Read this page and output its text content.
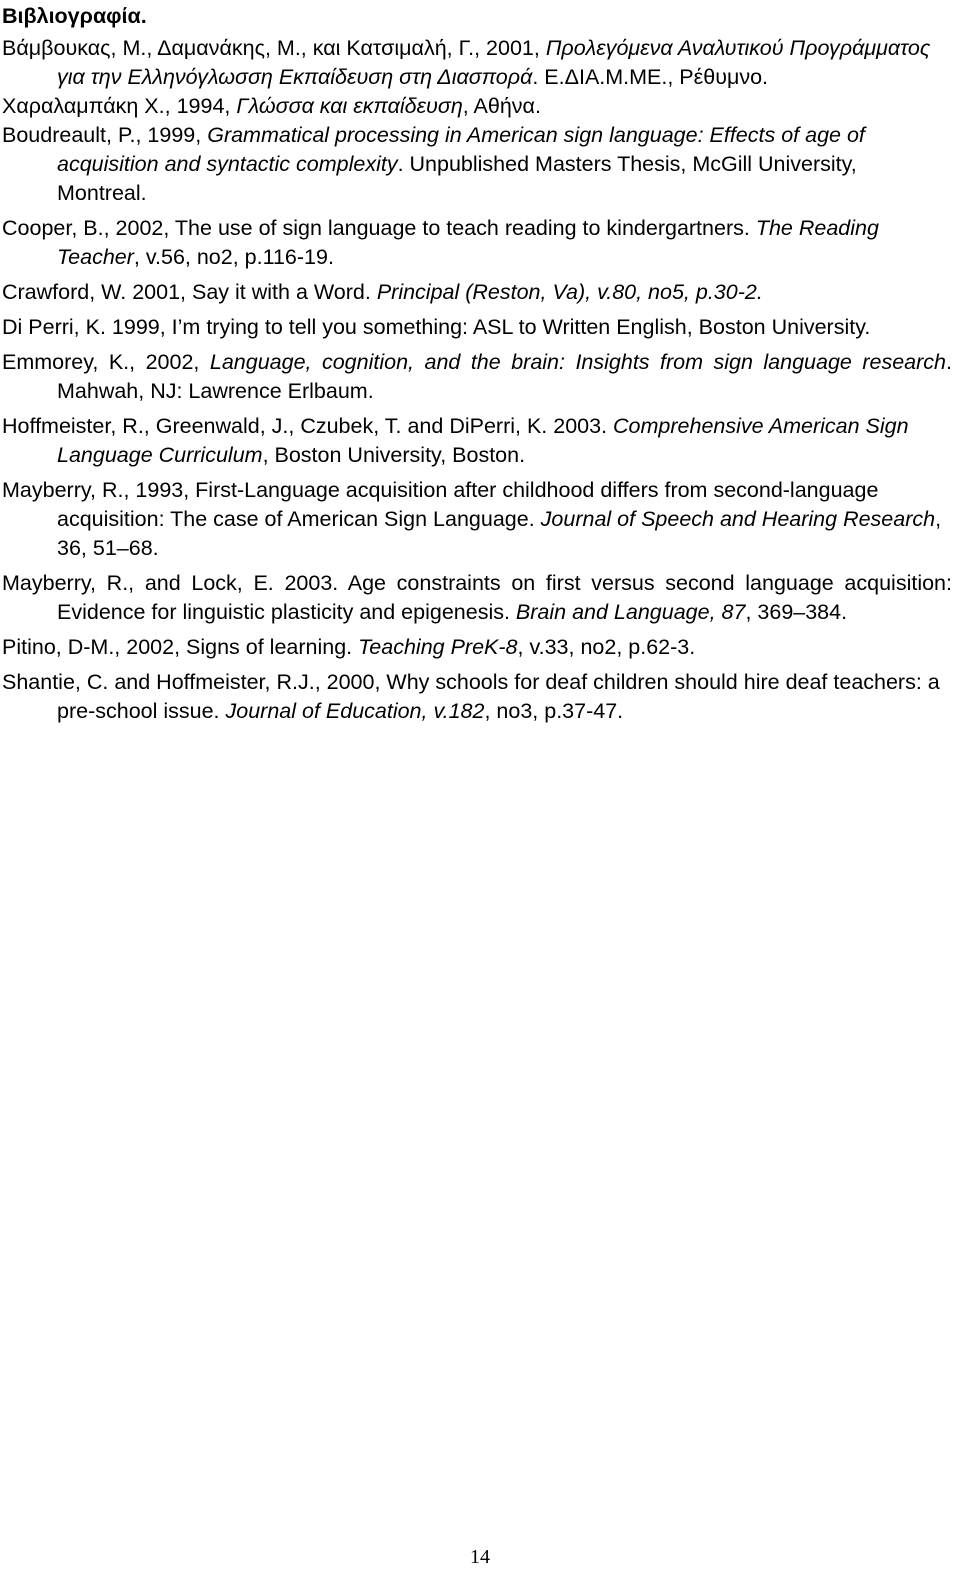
Βιβλιογραφία.

Βάμβουκας, Μ., Δαμανάκης, Μ., και Κατσιμαλή, Γ., 2001, Προλεγόμενα Αναλυτικού Προγράμματος για την Ελληνόγλωσση Εκπαίδευση στη Διασπορά. Ε.ΔΙΑ.Μ.ΜΕ., Ρέθυμνο.

Χαραλαμπάκη Χ., 1994, Γλώσσα και εκπαίδευση, Αθήνα.

Boudreault, P., 1999, Grammatical processing in American sign language: Effects of age of acquisition and syntactic complexity. Unpublished Masters Thesis, McGill University, Montreal.

Cooper, B., 2002, The use of sign language to teach reading to kindergartners. The Reading Teacher, v.56, no2, p.116-19.

Crawford, W. 2001, Say it with a Word. Principal (Reston, Va), v.80, no5, p.30-2.

Di Perri, K. 1999, I’m trying to tell you something: ASL to Written English, Boston University.

Emmorey, K., 2002, Language, cognition, and the brain: Insights from sign language research. Mahwah, NJ: Lawrence Erlbaum.

Hoffmeister, R., Greenwald, J., Czubek, T. and DiPerri, K. 2003. Comprehensive American Sign Language Curriculum, Boston University, Boston.

Mayberry, R., 1993, First-Language acquisition after childhood differs from second-language acquisition: The case of American Sign Language. Journal of Speech and Hearing Research, 36, 51–68.

Mayberry, R., and Lock, E. 2003. Age constraints on first versus second language acquisition: Evidence for linguistic plasticity and epigenesis. Brain and Language, 87, 369–384.

Pitino, D-M., 2002, Signs of learning. Teaching PreK-8, v.33, no2, p.62-3.

Shantie, C. and Hoffmeister, R.J., 2000, Why schools for deaf children should hire deaf teachers: a pre-school issue. Journal of Education, v.182, no3, p.37-47.

14
